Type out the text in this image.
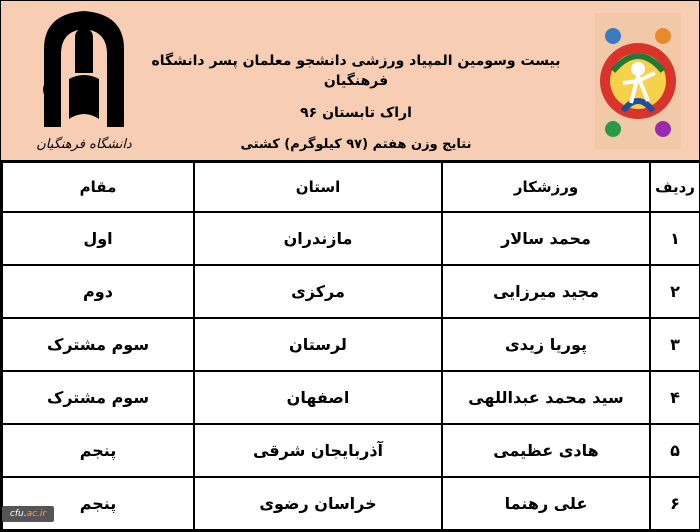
دانشگاه فرهنگیان
بیست وسومین المپیاد ورزشی دانشجو معلمان پسر دانشگاه فرهنگیان
اراک تابستان ۹۶
نتایج وزن هفتم (۹۷ کیلوگرم) کشتی
ردیف	ورزشکار	استان	مقام
۱	محمد سالار	مازندران	اول
۲	مجید میرزایی	مرکزی	دوم
۳	پوریا زیدی	لرستان	سوم مشترک
۴	سید محمد عبداللهی	اصفهان	سوم مشترک
۵	هادی عظیمی	آذربایجان شرقی	پنجم
۶	علی رهنما	خراسان رضوی	پنجم
cfu.ac.ir
